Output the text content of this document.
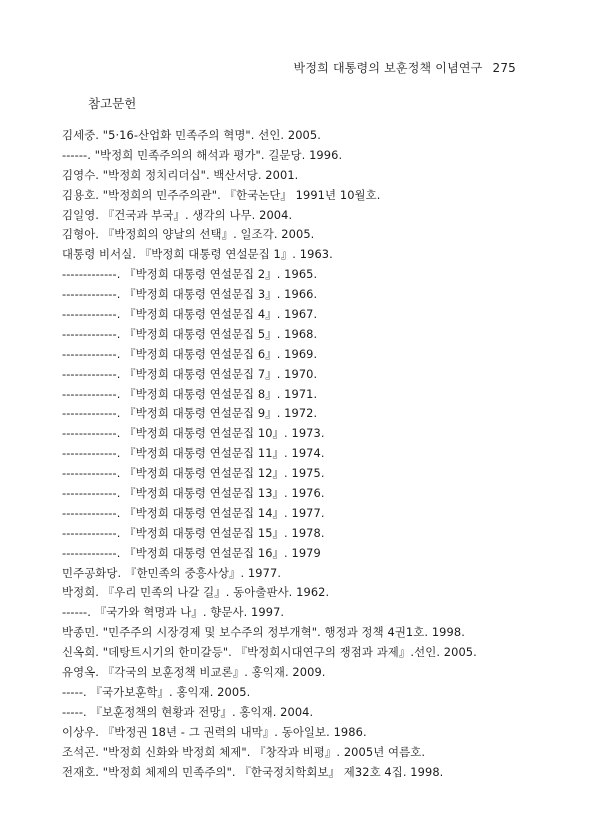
박정희 대통령의 보훈정책 이념연구 275
참고문헌
김세중. "5·16-산업화 민족주의 혁명". 선인. 2005.
------. "박정희 민족주의의 해석과 평가". 길문당. 1996.
김영수. "박정희 정치리더십". 백산서당. 2001.
김용호. "박정희의 민주주의관". 『한국논단』 1991년 10월호.
김일영. 『건국과 부국』. 생각의 나무. 2004.
김형아. 『박정희의 양날의 선택』. 일조각. 2005.
대통령 비서실. 『박정희 대통령 연설문집 1』. 1963.
-------------. 『박정희 대통령 연설문집 2』. 1965.
-------------. 『박정희 대통령 연설문집 3』. 1966.
-------------. 『박정희 대통령 연설문집 4』. 1967.
-------------. 『박정희 대통령 연설문집 5』. 1968.
-------------. 『박정희 대통령 연설문집 6』. 1969.
-------------. 『박정희 대통령 연설문집 7』. 1970.
-------------. 『박정희 대통령 연설문집 8』. 1971.
-------------. 『박정희 대통령 연설문집 9』. 1972.
-------------. 『박정희 대통령 연설문집 10』. 1973.
-------------. 『박정희 대통령 연설문집 11』. 1974.
-------------. 『박정희 대통령 연설문집 12』. 1975.
-------------. 『박정희 대통령 연설문집 13』. 1976.
-------------. 『박정희 대통령 연설문집 14』. 1977.
-------------. 『박정희 대통령 연설문집 15』. 1978.
-------------. 『박정희 대통령 연설문집 16』. 1979
민주공화당. 『한민족의 중흥사상』. 1977.
박정희. 『우리 민족의 나갈 길』. 동아출판사. 1962.
------. 『국가와 혁명과 나』. 향문사. 1997.
박종민. "민주주의 시장경제 및 보수주의 정부개혁". 행정과 정책 4권1호. 1998.
신옥희. "데탕트시기의 한미갈등". 『박정희시대연구의 쟁점과 과제』.선인. 2005.
유영옥. 『각국의 보훈정책 비교론』. 홍익재. 2009.
-----. 『국가보훈학』. 홍익재. 2005.
-----. 『보훈정책의 현황과 전망』. 홍익재. 2004.
이상우. 『박정권 18년 - 그 권력의 내막』. 동아일보. 1986.
조석곤. "박정희 신화와 박정희 체제". 『창작과 비평』. 2005년 여름호.
전재호. "박정희 체제의 민족주의". 『한국정치학회보』 제32호 4집. 1998.
